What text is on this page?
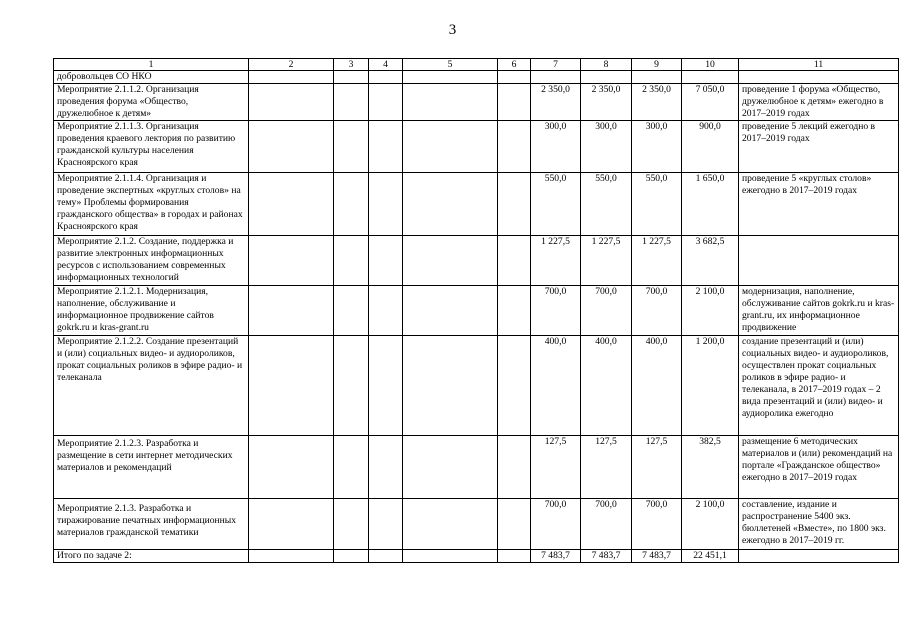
3
1	2	3	4	5	6	7	8	9	10	11
добровольцев СО НКО										
Мероприятие 2.1.1.2. Организация проведения форума «Общество, дружелюбное к детям»						2 350,0	2 350,0	2 350,0	7 050,0	проведение 1 форума «Общество, дружелюбное к детям» ежегодно в 2017–2019 годах
Мероприятие 2.1.1.3. Организация проведения краевого лектория по развитию гражданской культуры населения Красноярского края						300,0	300,0	300,0	900,0	проведение 5 лекций ежегодно в 2017–2019 годах
Мероприятие 2.1.1.4. Организация и проведение экспертных «круглых столов» на тему» Проблемы формирования гражданского общества» в городах и районах Красноярского края						550,0	550,0	550,0	1 650,0	проведение 5 «круглых столов» ежегодно в 2017–2019 годах
Мероприятие 2.1.2. Создание, поддержка и развитие электронных информационных ресурсов с использованием современных информационных технологий						1 227,5	1 227,5	1 227,5	3 682,5	
Мероприятие 2.1.2.1. Модернизация, наполнение, обслуживание и информационное продвижение сайтов gokrk.ru и kras-grant.ru						700,0	700,0	700,0	2 100,0	модернизация, наполнение, обслуживание сайтов gokrk.ru и kras-grant.ru, их информационное продвижение
Мероприятие 2.1.2.2. Создание презентаций и (или) социальных видео- и аудиороликов, прокат социальных роликов в эфире радио- и телеканала						400,0	400,0	400,0	1 200,0	создание презентаций и (или) социальных видео- и аудиороликов, осуществлен прокат социальных роликов в эфире радио- и телеканала, в 2017–2019 годах – 2 вида презентаций и (или) видео- и аудиоролика ежегодно
Мероприятие 2.1.2.3. Разработка и размещение в сети интернет методических материалов и рекомендаций						127,5	127,5	127,5	382,5	размещение 6 методических материалов и (или) рекомендаций на портале «Гражданское общество» ежегодно в 2017–2019 годах
Мероприятие 2.1.3. Разработка и тиражирование печатных информационных материалов гражданской тематики						700,0	700,0	700,0	2 100,0	составление, издание и распространение 5400 экз. бюллетеней «Вместе», по 1800 экз. ежегодно в 2017–2019 гг.
Итого по задаче 2:						7 483,7	7 483,7	7 483,7	22 451,1	
